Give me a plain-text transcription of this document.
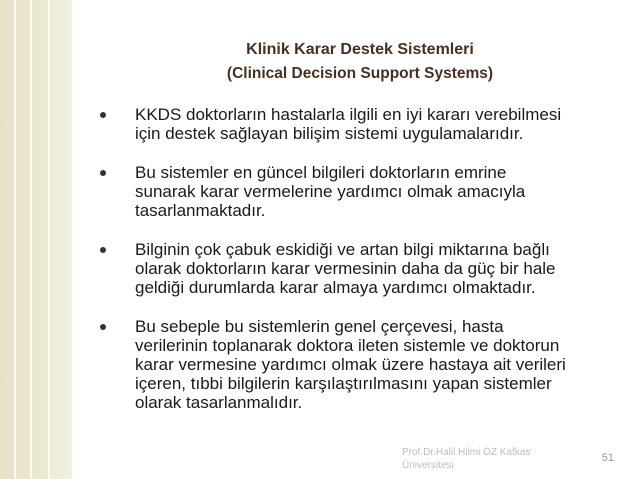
Klinik Karar Destek Sistemleri
(Clinical Decision Support Systems)
KKDS doktorların hastalarla ilgili en iyi kararı verebilmesi için destek sağlayan bilişim sistemi uygulamalarıdır.
Bu sistemler en güncel bilgileri doktorların emrine sunarak karar vermelerine yardımcı olmak amacıyla tasarlanmaktadır.
Bilginin çok çabuk eskidiği ve artan bilgi miktarına bağlı olarak doktorların karar vermesinin daha da güç bir hale geldiği durumlarda karar almaya yardımcı olmaktadır.
Bu sebeple bu sistemlerin genel çerçevesi, hasta verilerinin toplanarak doktora ileten sistemle ve doktorun karar vermesine yardımcı olmak üzere hastaya ait verileri içeren, tıbbi bilgilerin karşılaştırılmasını yapan sistemler olarak tasarlanmalıdır.
Prof.Dr.Halil Hilmi ÖZ Kafkas Üniversitesi
51
